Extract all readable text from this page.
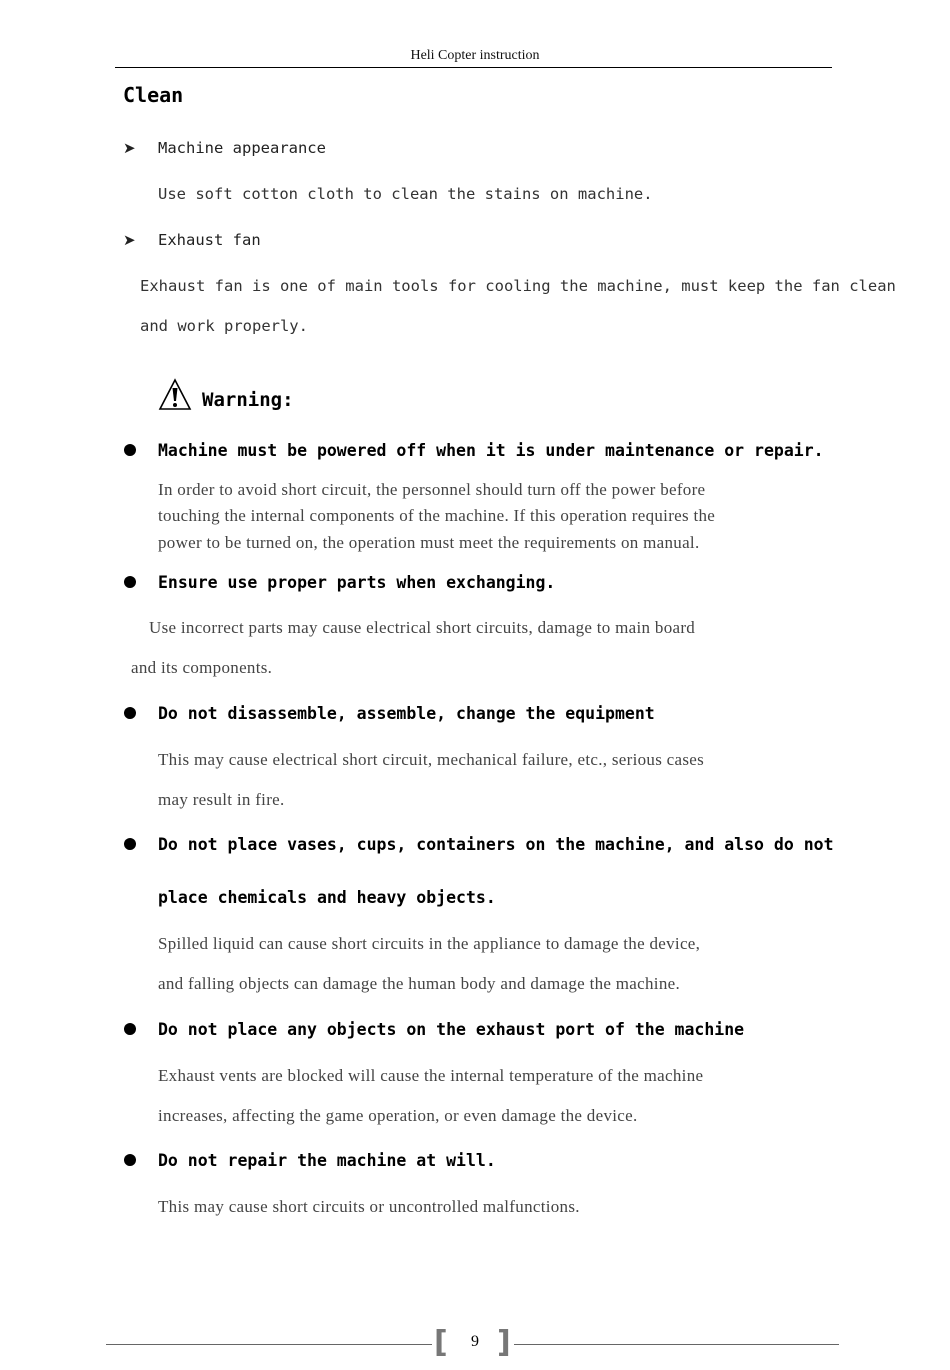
Heli Copter instruction
Clean
➤ Machine appearance
Use soft cotton cloth to clean the stains on machine.
➤ Exhaust fan
Exhaust fan is one of main tools for cooling the machine, must keep the fan clean
and work properly.
Warning:
Machine must be powered off when it is under maintenance or repair.
In order to avoid short circuit, the personnel should turn off the power before
touching the internal components of the machine. If this operation requires the
power to be turned on, the operation must meet the requirements on manual.
Ensure use proper parts when exchanging.
Use incorrect parts may cause electrical short circuits, damage to main board
and its components.
Do not disassemble, assemble, change the equipment
This may cause electrical short circuit, mechanical failure, etc., serious cases
may result in fire.
Do not place vases, cups, containers on the machine, and also do not
place chemicals and heavy objects.
Spilled liquid can cause short circuits in the appliance to damage the device,
and falling objects can damage the human body and damage the machine.
Do not place any objects on the exhaust port of the machine
Exhaust vents are blocked will cause the internal temperature of the machine
increases, affecting the game operation, or even damage the device.
Do not repair the machine at will.
This may cause short circuits or uncontrolled malfunctions.
[ ]
9
